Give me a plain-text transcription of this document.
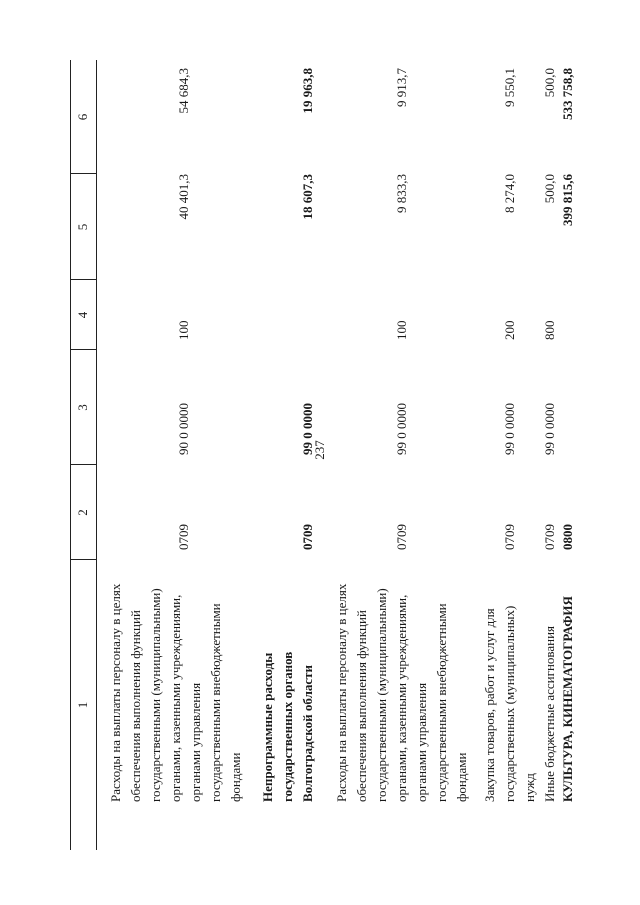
237
1
2
3
4
5
6
Расходы на выплаты персоналу в целях обеспечения выполнения функций государственными (муниципальными) органами, казенными учреждениями, органами управления государственными внебюджетными фондами
0709
90 0 0000
100
40 401,3
54 684,3
Непрограммные расходы государственных органов Волгоградской области
0709
99 0 0000
18 607,3
19 963,8
Расходы на выплаты персоналу в целях обеспечения выполнения функций государственными (муниципальными) органами, казенными учреждениями, органами управления государственными внебюджетными фондами
0709
99 0 0000
100
9 833,3
9 913,7
Закупка товаров, работ и услуг для государственных (муниципальных) нужд
0709
99 0 0000
200
8 274,0
9 550,1
Иные бюджетные ассигнования
0709
99 0 0000
800
500,0
500,0
КУЛЬТУРА, КИНЕМАТОГРАФИЯ
0800
399 815,6
533 758,8
